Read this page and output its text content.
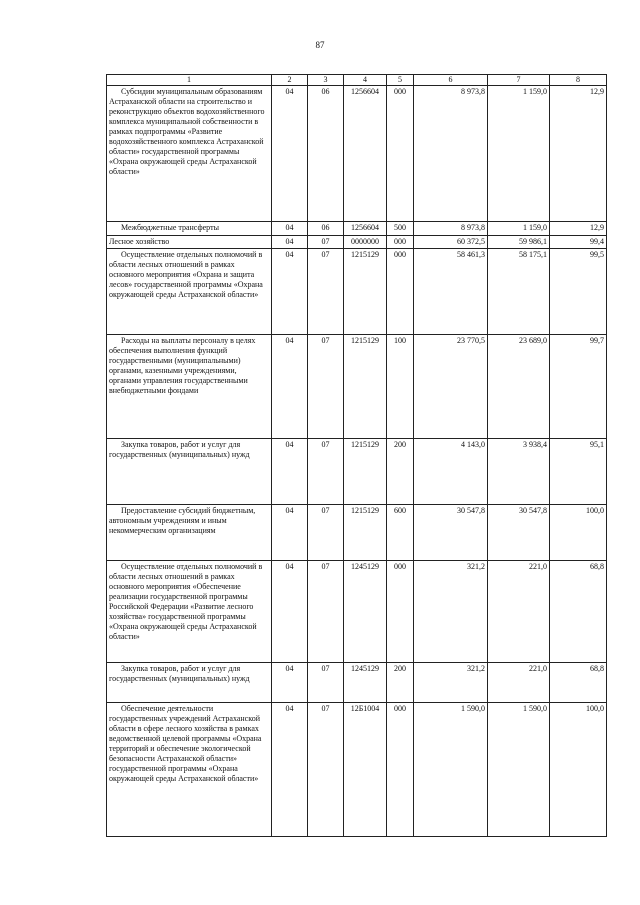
87
1	2	3	4	5	6	7	8
Субсидии муниципальным образованиям Астраханской области на строительство и реконструкцию объектов водохозяйственного комплекса муниципальной собственности в рамках подпрограммы «Развитие водохозяйственного комплекса Астраханской области» государственной программы «Охрана окружающей среды Астраханской области»	04	06	1256604	000	8 973,8	1 159,0	12,9
Межбюджетные трансферты	04	06	1256604	500	8 973,8	1 159,0	12,9
Лесное хозяйство	04	07	0000000	000	60 372,5	59 986,1	99,4
Осуществление отдельных полномочий в области лесных отношений в рамках основного мероприятия «Охрана и защита лесов» государственной программы «Охрана окружающей среды Астраханской области»	04	07	1215129	000	58 461,3	58 175,1	99,5
Расходы на выплаты персоналу в целях обеспечения выполнения функций государственными (муниципальными) органами, казенными учреждениями, органами управления государственными внебюджетными фондами	04	07	1215129	100	23 770,5	23 689,0	99,7
Закупка товаров, работ и услуг для государственных (муниципальных) нужд	04	07	1215129	200	4 143,0	3 938,4	95,1
Предоставление субсидий бюджетным, автономным учреждениям и иным некоммерческим организациям	04	07	1215129	600	30 547,8	30 547,8	100,0
Осуществление отдельных полномочий в области лесных отношений в рамках основного мероприятия «Обеспечение реализации государственной программы Российской Федерации «Развитие лесного хозяйства» государственной программы «Охрана окружающей среды Астраханской области»	04	07	1245129	000	321,2	221,0	68,8
Закупка товаров, работ и услуг для государственных (муниципальных) нужд	04	07	1245129	200	321,2	221,0	68,8
Обеспечение деятельности государственных учреждений Астраханской области в сфере лесного хозяйства в рамках ведомственной целевой программы «Охрана территорий и обеспечение экологической безопасности Астраханской области» государственной программы «Охрана окружающей среды Астраханской области»	04	07	12Б1004	000	1 590,0	1 590,0	100,0
